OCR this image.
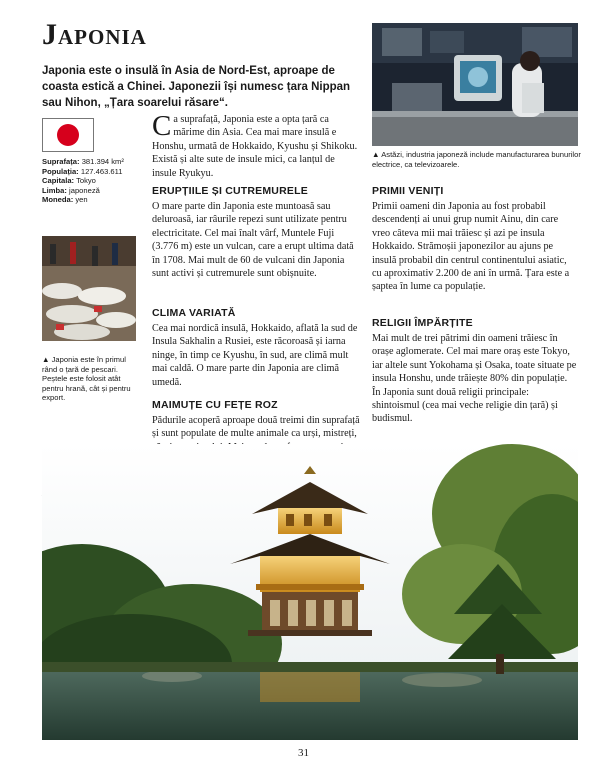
Japonia
Japonia este o insulă în Asia de Nord-Est, aproape de coasta estică a Chinei. Japonezii își numesc țara Nippan sau Nihon, „Țara soarelui răsare“.
▲ Astăzi, industria japoneză include manufacturarea bunurilor electrice, ca televizoarele.
Suprafața: 381.394 km²
Populația: 127.463.611
Capitala: Tokyo
Limba: japoneză
Moneda: yen
▲ Japonia este în primul rând o țară de pescari. Peștele este folosit atât pentru hrană, cât și pentru export.
Ca suprafață, Japonia este a opta țară ca mărime din Asia. Cea mai mare insulă e Honshu, urmată de Hokkaido, Kyushu și Shikoku. Există și alte sute de insule mici, ca lanțul de insule Ryukyu.
ERUPȚIILE ȘI CUTREMURELE
O mare parte din Japonia este muntoasă sau deluroasă, iar râurile repezi sunt utilizate pentru electricitate. Cel mai înalt vârf, Muntele Fuji (3.776 m) este un vulcan, care a erupt ultima dată în 1708. Mai mult de 60 de vulcani din Japonia sunt activi și cutremurele sunt obișnuite.
CLIMA VARIATĂ
Cea mai nordică insulă, Hokkaido, aflată la sud de Insula Sakhalin a Rusiei, este răcoroasă și iarna ninge, în timp ce Kyushu, în sud, are climă mult mai caldă. O mare parte din Japonia are climă umedă.
MAIMUȚE CU FEȚE ROZ
Pădurile acoperă aproape două treimi din suprafață și sunt populate de multe animale ca urși, mistreți,
PRIMII VENIȚI
Primii oameni din Japonia au fost probabil descendenți ai unui grup numit Ainu, din care vreo câteva mii mai trăiesc și azi pe insula Hokkaido. Strămoșii japonezilor au ajuns pe insulă probabil din centrul continentului asiatic, cu aproximativ 2.200 de ani în urmă. Țara este a șaptea în lume ca populație.
RELIGII ÎMPĂRȚITE
Mai mult de trei pătrimi din oameni trăiesc în orașe aglomerate. Cel mai mare oraș este Tokyo, iar altele sunt Yokohama și Osaka, toate situate pe insula Honshu, unde trăiește 80% din populație. În Japonia sunt două religii principale: shintoismul (cea mai veche religie din țară) și budismul.
31
